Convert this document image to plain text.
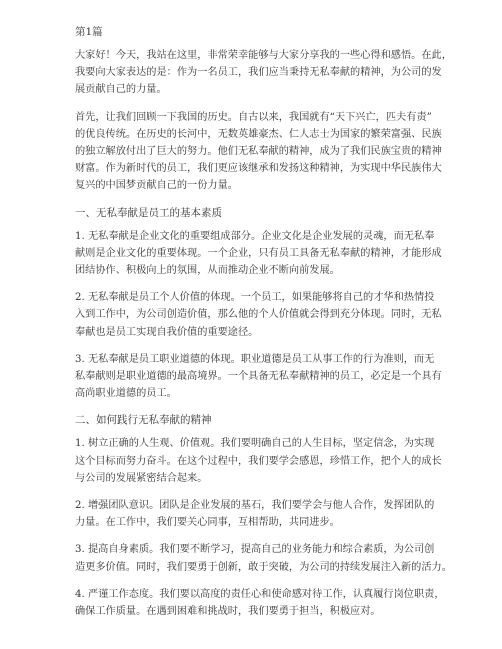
第1篇
大家好！今天，我站在这里，非常荣幸能够与大家分享我的一些心得和感悟。在此，
我要向大家表达的是：作为一名员工，我们应当秉持无私奉献的精神，为公司的发
展贡献自己的力量。
首先，让我们回顾一下我国的历史。自古以来，我国就有“天下兴亡，匹夫有责”
的优良传统。在历史的长河中，无数英雄豪杰、仁人志士为国家的繁荣富强、民族
的独立解放付出了巨大的努力。他们无私奉献的精神，成为了我们民族宝贵的精神
财富。作为新时代的员工，我们更应该继承和发扬这种精神，为实现中华民族伟大
复兴的中国梦贡献自己的一份力量。
一、无私奉献是员工的基本素质
1. 无私奉献是企业文化的重要组成部分。企业文化是企业发展的灵魂，而无私奉
献则是企业文化的重要体现。一个企业，只有员工具备无私奉献的精神，才能形成
团结协作、积极向上的氛围，从而推动企业不断向前发展。
2. 无私奉献是员工个人价值的体现。一个员工，如果能够将自己的才华和热情投
入到工作中，为公司创造价值，那么他的个人价值就会得到充分体现。同时，无私
奉献也是员工实现自我价值的重要途径。
3. 无私奉献是员工职业道德的体现。职业道德是员工从事工作的行为准则，而无
私奉献则是职业道德的最高境界。一个具备无私奉献精神的员工，必定是一个具有
高尚职业道德的员工。
二、如何践行无私奉献的精神
1. 树立正确的人生观、价值观。我们要明确自己的人生目标，坚定信念，为实现
这个目标而努力奋斗。在这个过程中，我们要学会感恩，珍惜工作，把个人的成长
与公司的发展紧密结合起来。
2. 增强团队意识。团队是企业发展的基石，我们要学会与他人合作，发挥团队的
力量。在工作中，我们要关心同事，互相帮助，共同进步。
3. 提高自身素质。我们要不断学习，提高自己的业务能力和综合素质，为公司创
造更多价值。同时，我们要勇于创新，敢于突破，为公司的持续发展注入新的活力。
4. 严谨工作态度。我们要以高度的责任心和使命感对待工作，认真履行岗位职责，
确保工作质量。在遇到困难和挑战时，我们要勇于担当，积极应对。
